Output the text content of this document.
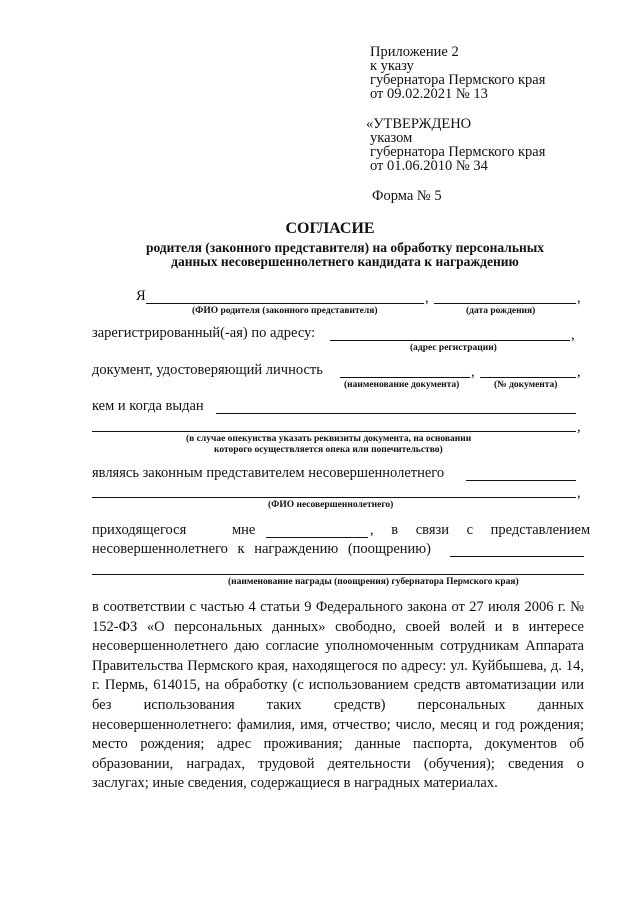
Приложение 2
к указу
губернатора Пермского края
от 09.02.2021 № 13
«УТВЕРЖДЕНО
указом
губернатора Пермского края
от 01.06.2010 № 34
Форма № 5
СОГЛАСИЕ
родителя (законного представителя) на обработку персональных
данных несовершеннолетнего кандидата к награждению
Я	,	,
(ФИО родителя (законного представителя)	(дата рождения)
зарегистрированный(-ая) по адресу:	,
(адрес регистрации)
документ, удостоверяющий личность	,	,
(наименование документа)	(№ документа)
кем и когда выдан
,
(в случае опекунства указать реквизиты документа, на основании
которого осуществляется опека или попечительство)
являясь законным представителем несовершеннолетнего
,
(ФИО несовершеннолетнего)
приходящегося	мне	, в связи с представлением
несовершеннолетнего к награждению (поощрению)
(наименование награды (поощрения) губернатора Пермского края)
в соответствии с частью 4 статьи 9 Федерального закона от 27 июля 2006 г. № 152-ФЗ «О персональных данных» свободно, своей волей и в интересе несовершеннолетнего даю согласие уполномоченным сотрудникам Аппарата Правительства Пермского края, находящегося по адресу: ул. Куйбышева, д. 14, г. Пермь, 614015, на обработку (с использованием средств автоматизации или без использования таких средств) персональных данных несовершеннолетнего: фамилия, имя, отчество; число, месяц и год рождения; место рождения; адрес проживания; данные паспорта, документов об образовании, наградах, трудовой деятельности (обучения); сведения о заслугах; иные сведения, содержащиеся в наградных материалах.
